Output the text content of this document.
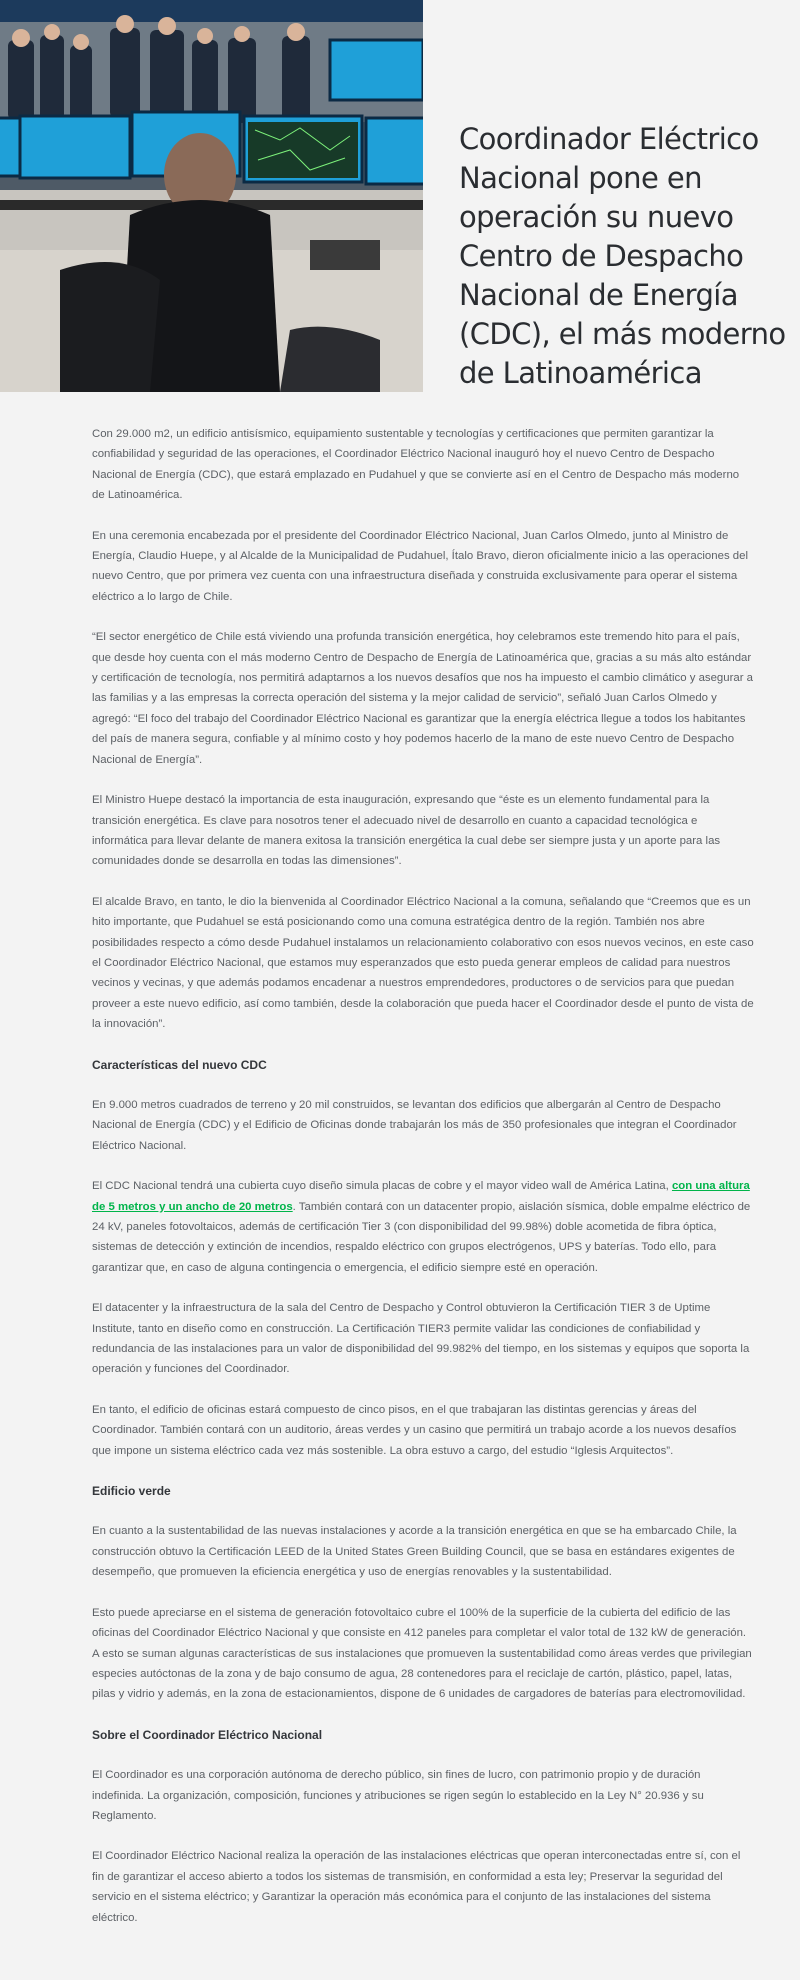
Coordinador Eléctrico Nacional pone en operación su nuevo Centro de Despacho Nacional de Energía (CDC), el más moderno de Latinoamérica

Con 29.000 m2, un edificio antisísmico, equipamiento sustentable y tecnologías y certificaciones que permiten garantizar la confiabilidad y seguridad de las operaciones, el Coordinador Eléctrico Nacional inauguró hoy el nuevo Centro de Despacho Nacional de Energía (CDC), que estará emplazado en Pudahuel y que se convierte así en el Centro de Despacho más moderno de Latinoamérica.

En una ceremonia encabezada por el presidente del Coordinador Eléctrico Nacional, Juan Carlos Olmedo, junto al Ministro de Energía, Claudio Huepe, y al Alcalde de la Municipalidad de Pudahuel, Ítalo Bravo, dieron oficialmente inicio a las operaciones del nuevo Centro, que por primera vez cuenta con una infraestructura diseñada y construida exclusivamente para operar el sistema eléctrico a lo largo de Chile.

“El sector energético de Chile está viviendo una profunda transición energética, hoy celebramos este tremendo hito para el país, que desde hoy cuenta con el más moderno Centro de Despacho de Energía de Latinoamérica que, gracias a su más alto estándar y certificación de tecnología, nos permitirá adaptarnos a los nuevos desafíos que nos ha impuesto el cambio climático y asegurar a las familias y a las empresas la correcta operación del sistema y la mejor calidad de servicio”, señaló Juan Carlos Olmedo y agregó: “El foco del trabajo del Coordinador Eléctrico Nacional es garantizar que la energía eléctrica llegue a todos los habitantes del país de manera segura, confiable y al mínimo costo y hoy podemos hacerlo de la mano de este nuevo Centro de Despacho Nacional de Energía”.

El Ministro Huepe destacó la importancia de esta inauguración, expresando que “éste es un elemento fundamental para la transición energética. Es clave para nosotros tener el adecuado nivel de desarrollo en cuanto a capacidad tecnológica e informática para llevar delante de manera exitosa la transición energética la cual debe ser siempre justa y un aporte para las comunidades donde se desarrolla en todas las dimensiones”.

El alcalde Bravo, en tanto, le dio la bienvenida al Coordinador Eléctrico Nacional a la comuna, señalando que “Creemos que es un hito importante, que Pudahuel se está posicionando como una comuna estratégica dentro de la región. También nos abre posibilidades respecto a cómo desde Pudahuel instalamos un relacionamiento colaborativo con esos nuevos vecinos, en este caso el Coordinador Eléctrico Nacional, que estamos muy esperanzados que esto pueda generar empleos de calidad para nuestros vecinos y vecinas, y que además podamos encadenar a nuestros emprendedores, productores o de servicios para que puedan proveer a este nuevo edificio, así como también, desde la colaboración que pueda hacer el Coordinador desde el punto de vista de la innovación”.

Características del nuevo CDC

En 9.000 metros cuadrados de terreno y 20 mil construidos, se levantan dos edificios que albergarán al Centro de Despacho Nacional de Energía (CDC) y el Edificio de Oficinas donde trabajarán los más de 350 profesionales que integran el Coordinador Eléctrico Nacional.

El CDC Nacional tendrá una cubierta cuyo diseño simula placas de cobre y el mayor video wall de América Latina, con una altura de 5 metros y un ancho de 20 metros. También contará con un datacenter propio, aislación sísmica, doble empalme eléctrico de 24 kV, paneles fotovoltaicos, además de certificación Tier 3 (con disponibilidad del 99.98%) doble acometida de fibra óptica, sistemas de detección y extinción de incendios, respaldo eléctrico con grupos electrógenos, UPS y baterías. Todo ello, para garantizar que, en caso de alguna contingencia o emergencia, el edificio siempre esté en operación.

El datacenter y la infraestructura de la sala del Centro de Despacho y Control obtuvieron la Certificación TIER 3 de Uptime Institute, tanto en diseño como en construcción. La Certificación TIER3 permite validar las condiciones de confiabilidad y redundancia de las instalaciones para un valor de disponibilidad del 99.982% del tiempo, en los sistemas y equipos que soporta la operación y funciones del Coordinador.

En tanto, el edificio de oficinas estará compuesto de cinco pisos, en el que trabajaran las distintas gerencias y áreas del Coordinador. También contará con un auditorio, áreas verdes y un casino que permitirá un trabajo acorde a los nuevos desafíos que impone un sistema eléctrico cada vez más sostenible. La obra estuvo a cargo, del estudio “Iglesis Arquitectos”.

Edificio verde

En cuanto a la sustentabilidad de las nuevas instalaciones y acorde a la transición energética en que se ha embarcado Chile, la construcción obtuvo la Certificación LEED de la United States Green Building Council, que se basa en estándares exigentes de desempeño, que promueven la eficiencia energética y uso de energías renovables y la sustentabilidad.

Esto puede apreciarse en el sistema de generación fotovoltaico cubre el 100% de la superficie de la cubierta del edificio de las oficinas del Coordinador Eléctrico Nacional y que consiste en 412 paneles para completar el valor total de 132 kW de generación. A esto se suman algunas características de sus instalaciones que promueven la sustentabilidad como áreas verdes que privilegian especies autóctonas de la zona y de bajo consumo de agua, 28 contenedores para el reciclaje de cartón, plástico, papel, latas, pilas y vidrio y además, en la zona de estacionamientos, dispone de 6 unidades de cargadores de baterías para electromovilidad.

Sobre el Coordinador Eléctrico Nacional

El Coordinador es una corporación autónoma de derecho público, sin fines de lucro, con patrimonio propio y de duración indefinida. La organización, composición, funciones y atribuciones se rigen según lo establecido en la Ley N° 20.936 y su Reglamento.

El Coordinador Eléctrico Nacional realiza la operación de las instalaciones eléctricas que operan interconectadas entre sí, con el fin de garantizar el acceso abierto a todos los sistemas de transmisión, en conformidad a esta ley; Preservar la seguridad del servicio en el sistema eléctrico; y Garantizar la operación más económica para el conjunto de las instalaciones del sistema eléctrico.
